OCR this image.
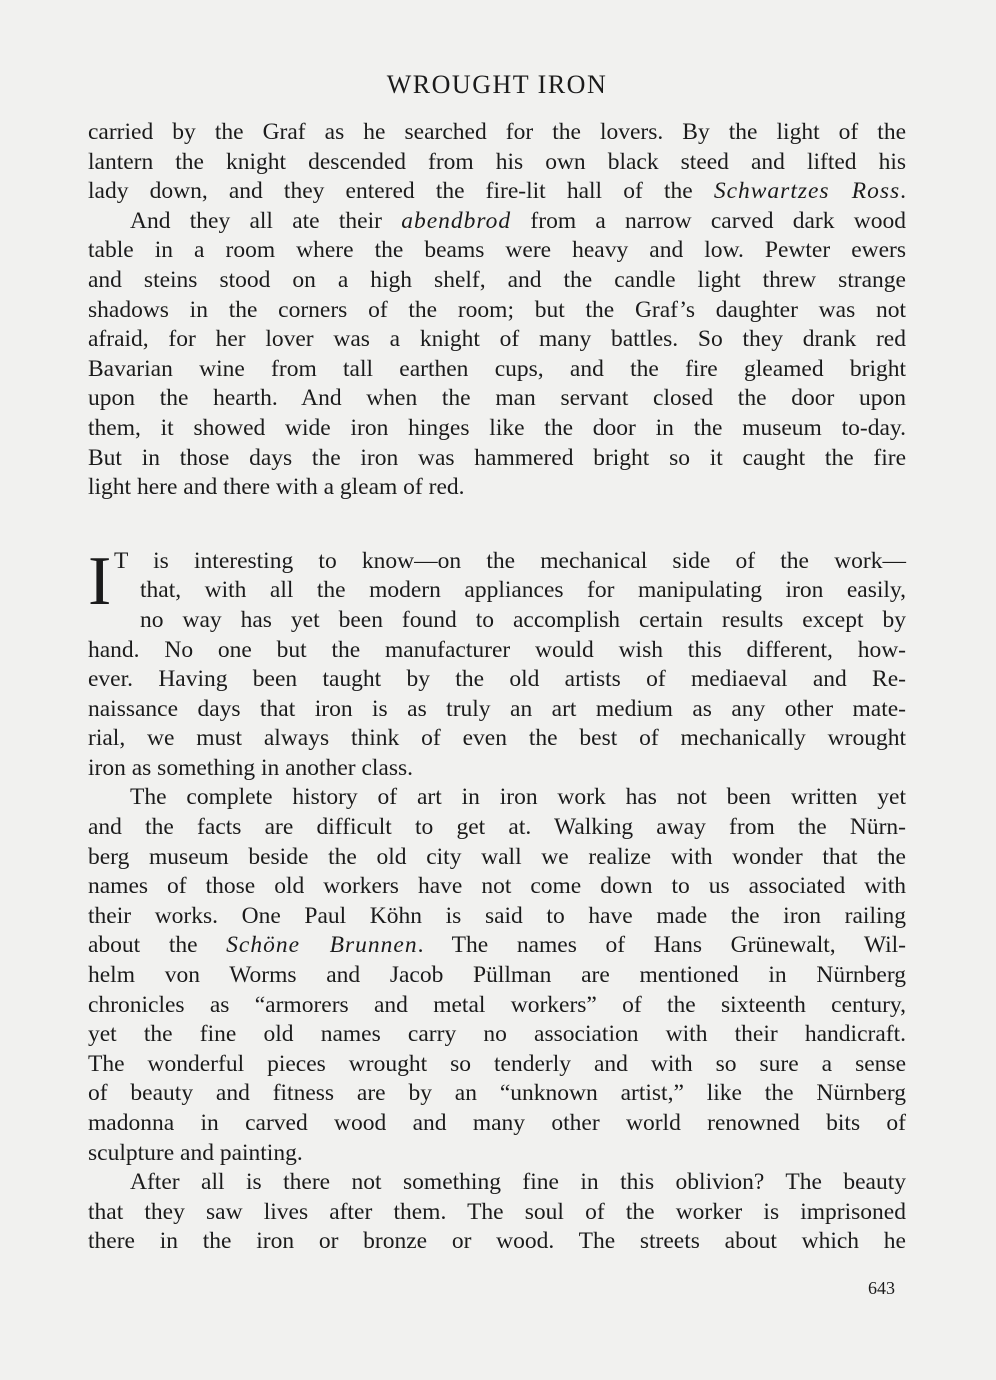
WROUGHT IRON
carried by the Graf as he searched for the lovers. By the light of the
lantern the knight descended from his own black steed and lifted his
lady down, and they entered the fire-lit hall of the Schwartzes Ross.
And they all ate their abendbrod from a narrow carved dark wood
table in a room where the beams were heavy and low. Pewter ewers
and steins stood on a high shelf, and the candle light threw strange
shadows in the corners of the room; but the Graf’s daughter was not
afraid, for her lover was a knight of many battles. So they drank red
Bavarian wine from tall earthen cups, and the fire gleamed bright
upon the hearth. And when the man servant closed the door upon
them, it showed wide iron hinges like the door in the museum to-day.
But in those days the iron was hammered bright so it caught the fire
light here and there with a gleam of red.
I T is interesting to know—on the mechanical side of the work—
that, with all the modern appliances for manipulating iron easily,
no way has yet been found to accomplish certain results except by
hand. No one but the manufacturer would wish this different, how-
ever. Having been taught by the old artists of mediaeval and Re-
naissance days that iron is as truly an art medium as any other mate-
rial, we must always think of even the best of mechanically wrought
iron as something in another class.
The complete history of art in iron work has not been written yet
and the facts are difficult to get at. Walking away from the Nürn-
berg museum beside the old city wall we realize with wonder that the
names of those old workers have not come down to us associated with
their works. One Paul Köhn is said to have made the iron railing
about the Schöne Brunnen. The names of Hans Grünewalt, Wil-
helm von Worms and Jacob Püllman are mentioned in Nürnberg
chronicles as “armorers and metal workers” of the sixteenth century,
yet the fine old names carry no association with their handicraft.
The wonderful pieces wrought so tenderly and with so sure a sense
of beauty and fitness are by an “unknown artist,” like the Nürnberg
madonna in carved wood and many other world renowned bits of
sculpture and painting.
After all is there not something fine in this oblivion? The beauty
that they saw lives after them. The soul of the worker is imprisoned
there in the iron or bronze or wood. The streets about which he
643
